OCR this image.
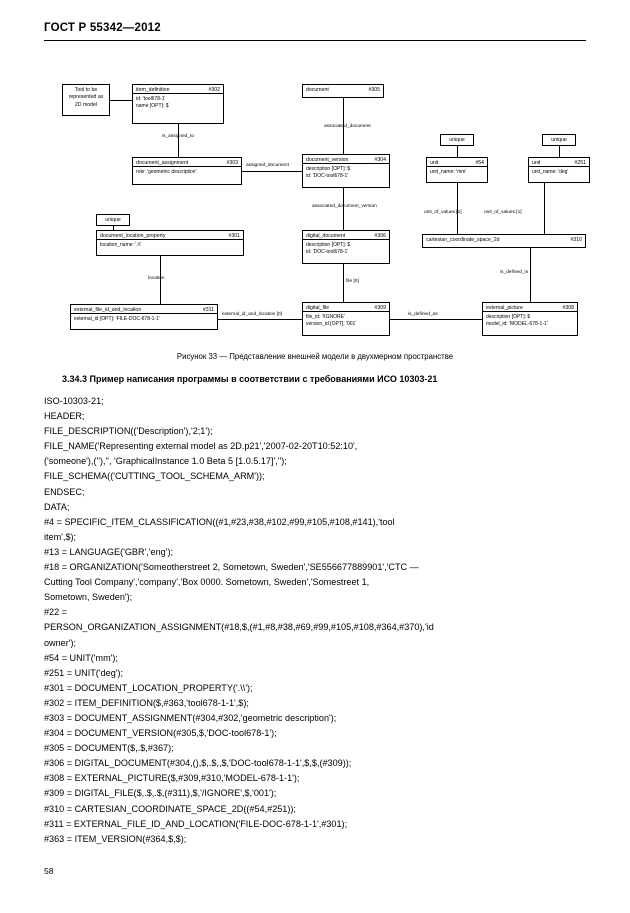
ГОСТ Р 55342—2012
Tool to be represented as 2D model
item_definition	#302
id: 'tool678-1'
name [OPT]: $
document	#305
document_assignment	#303
role: 'geometric description'
document_version	#304
description [OPT]: $
id: 'DOC-tool678-1'
unique	unique
unit	#54
unit_name: 'mm'
unit	#251
unit_name: 'deg'
unique
document_location_property	#301
location_name: '.\\'
digital_document	#306
description [OPT]: $
id: 'DOC-tool678-1'
cartesian_coordinate_space_2d	#310
external_file_id_and_location	#311
external_id [OPT]: 'FILE-DOC-678-1-1'
digital_file	#309
file_id: '/IGNORE'
version_id [OPT]: '001'
external_picture	#308
description [OPT]: $
model_id: 'MODEL-678-1-1'
is_assigned_to
assigned_document
associated_document
associated_document_version
unit_of_values [1]	unit_of_values [1]
is_defined_in
location
file [0]
external_id_and_location [0]	is_defined_as
Рисунок 33 — Представление внешней модели в двухмерном пространстве
3.34.3 Пример написания программы в соответствии с требованиями ИСО 10303-21

ISO-10303-21;

HEADER;

FILE_DESCRIPTION(('Description'),'2;1');

FILE_NAME('Representing external model as 2D.p21','2007-02-20T10:52:10',

('someone'),(''),'', 'GraphicalInstance 1.0 Beta 5 [1.0.5.17]','');

FILE_SCHEMA(('CUTTING_TOOL_SCHEMA_ARM'));

ENDSEC;

DATA;

#4 = SPECIFIC_ITEM_CLASSIFICATION((#1,#23,#38,#102,#99,#105,#108,#141),'tool

item',$);

#13 = LANGUAGE('GBR','eng');

#18 = ORGANIZATION('Someotherstreet 2, Sometown, Sweden','SE556677889901','CTC —

Cutting Tool Company','company','Box 0000. Sometown, Sweden','Somestreet 1,

Sometown, Sweden');

#22 =

PERSON_ORGANIZATION_ASSIGNMENT(#18,$,(#1,#8,#38,#69,#99,#105,#108,#364,#370),'id

owner');

#54 = UNIT('mm');

#251 = UNIT('deg');

#301 = DOCUMENT_LOCATION_PROPERTY('.\\');

#302 = ITEM_DEFINITION($,#363,'tool678-1-1',$);

#303 = DOCUMENT_ASSIGNMENT(#304,#302,'geometric description');

#304 = DOCUMENT_VERSION(#305,$,'DOC-tool678-1');

#305 = DOCUMENT($,.$,#367);

#306 = DIGITAL_DOCUMENT(#304,(),$,.$,,$,'DOC-tool678-1-1',$,$,(#309));

#308 = EXTERNAL_PICTURE($,#309,#310,'MODEL-678-1-1');

#309 = DIGITAL_FILE($,.$,.$,(#311),$,'/IGNORE',$,'001');

#310 = CARTESIAN_COORDINATE_SPACE_2D((#54,#251));

#311 = EXTERNAL_FILE_ID_AND_LOCATION('FILE-DOC-678-1-1',#301);

#363 = ITEM_VERSION(#364,$,$);

58
